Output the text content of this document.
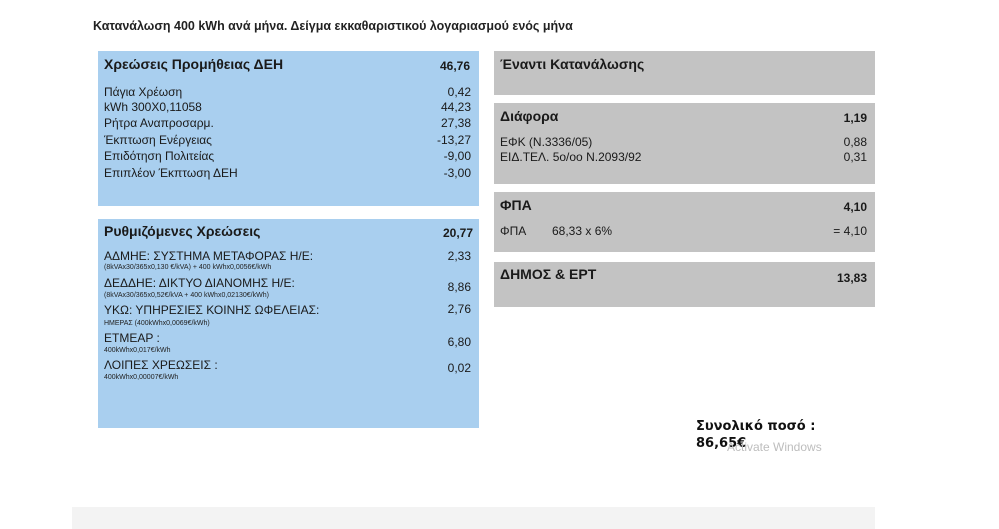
Κατανάλωση 400 kWh ανά μήνα. Δείγμα εκκαθαριστικού λογαριασμού ενός μήνα
Χρεώσεις Προμήθειας ΔΕΗ	46,76
Πάγια Χρέωση	0,42
kWh 300Χ0,11058	44,23
Ρήτρα Αναπροσαρμ.	27,38
Έκπτωση Ενέργειας	-13,27
Επιδότηση Πολιτείας	-9,00
Επιπλέον Έκπτωση ΔΕΗ	-3,00
Ρυθμιζόμενες Χρεώσεις	20,77
ΑΔΜΗΕ: ΣΥΣΤΗΜΑ ΜΕΤΑΦΟΡΑΣ Η/Ε:	2,33
(8kVAx30/365x0,130 €/kVA) + 400 kWhx0,0056€/kWh
ΔΕΔΔΗΕ: ΔΙΚΤΥΟ ΔΙΑΝΟΜΗΣ Η/Ε:	8,86
(8kVAx30/365x0,52€/kVA + 400 kWhx0,02130€/kWh)
ΥΚΩ: ΥΠΗΡΕΣΙΕΣ ΚΟΙΝΗΣ ΩΦΕΛΕΙΑΣ:	2,76
ΗΜΕΡΑΣ (400kWhx0,0069€/kWh)
ΕΤΜΕΑΡ :	6,80
400kWhx0,017€/kWh
ΛΟΙΠΕΣ ΧΡΕΩΣΕΙΣ :	0,02
400kWhx0,00007€/kWh
Έναντι Κατανάλωσης
Διάφορα	1,19
ΕΦΚ (Ν.3336/05)	0,88
ΕΙΔ.ΤΕΛ. 5ο/οο Ν.2093/92	0,31
ΦΠΑ	4,10
ΦΠΑ 68,33 x 6%	= 4,10
ΔΗΜΟΣ & ΕΡΤ	13,83
Συνολικό ποσό :
86,65€
Activate Windows
